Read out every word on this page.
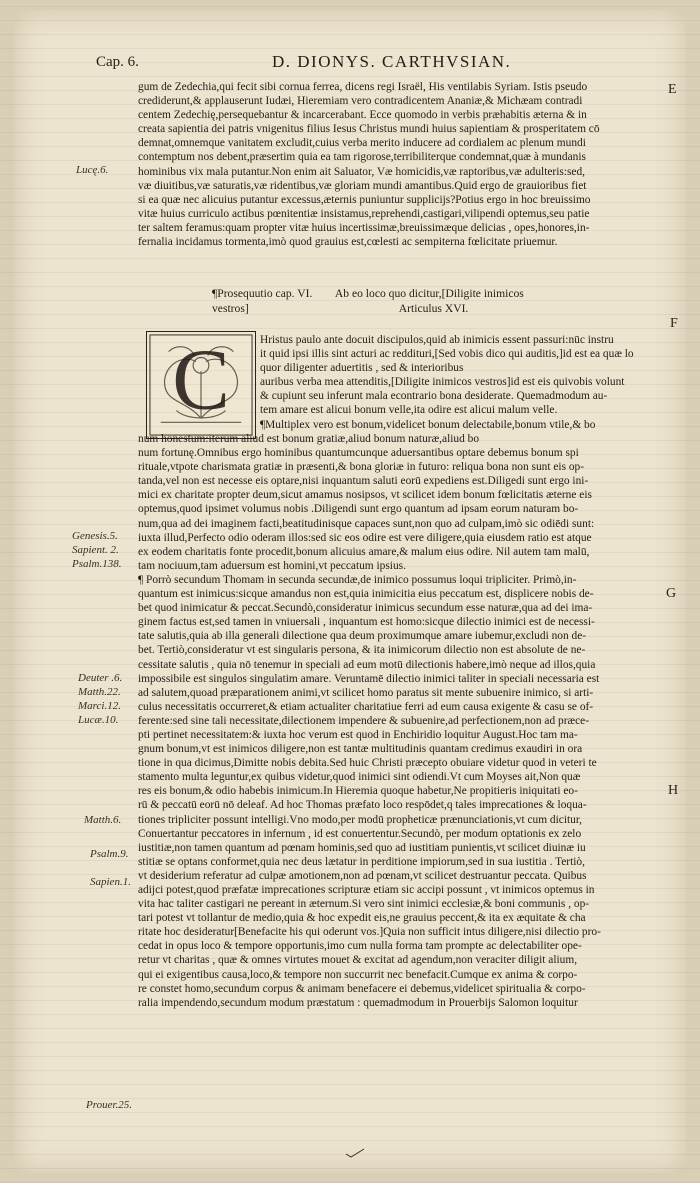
Cap. 6.	D. DIONYS. CARTHVSIAN.
E
F
G
H
gum de Zedechia,qui fecit sibi cornua ferrea, dicens regi Israël, His ventilabis Syriam. Istis pseudo
crediderunt,& applauserunt Iudæi, Hieremiam vero contradicentem Ananiæ,& Michæam contradi
centem Zedechię,persequebantur & incarcerabant. Ecce quomodo in verbis præhabitis æterna & in
creata sapientia dei patris vnigenitus filius Iesus Christus mundi huius sapientiam & prosperitatem cō
demnat,omnemque vanitatem excludit,cuius verba merito inducere ad cordialem ac plenum mundi
contemptum nos debent,præsertim quia ea tam rigorose,terribiliterque condemnat,quæ à mundanis
hominibus vix mala putantur.Non enim ait Saluator, Væ homicidis,væ raptoribus,væ adulteris:sed,
væ diuitibus,væ saturatis,væ ridentibus,væ gloriam mundi amantibus.Quid ergo de grauioribus fiet
si ea quæ nec alicuius putantur excessus,æternis puniuntur supplicijs?Potius ergo in hoc breuissimo
vitæ huius curriculo actibus pœnitentiæ insistamus,reprehendi,castigari,vilipendi optemus,seu patie
ter saltem feramus:quam propter vitæ huius incertissimæ,breuissimæque delicias , opes,honores,in-
fernalia incidamus tormenta,imò quod grauius est,cœlesti ac sempiterna fœlicitate priuemur.
Lucę.6.
¶Prosequutio cap. VI.        Ab eo loco quo dicitur,[Diligite inimicos
vestros]                                                    Articulus XVI.
C	Hristus paulo ante docuit discipulos,quid ab inimicis essent passuri:nūc instru
it quid ipsi illis sint acturi ac reddituri,[Sed vobis dico qui auditis,]id est ea quæ lo
quor diligenter aduertitis , sed & interioribus
auribus verba mea attenditis,[Diligite inimicos vestros]id est eis quivobis volunt
& cupiunt seu inferunt mala econtrario bona desiderate. Quemadmodum au-
tem amare est alicui bonum velle,ita odire est alicui malum velle.
¶Multiplex vero est bonum,videlicet bonum delectabile,bonum vtile,& bo
num honestum:iterum aliud est bonum gratiæ,aliud bonum naturæ,aliud bo
num fortunę.Omnibus ergo hominibus quantumcunque aduersantibus optare debemus bonum spi
rituale,vtpote charismata gratiæ in præsenti,& bona gloriæ in futuro: reliqua bona non sunt eis op-
tanda,vel non est necesse eis optare,nisi inquantum saluti eorū expediens est.Diligedi sunt ergo ini-
mici ex charitate propter deum,sicut amamus nosipsos, vt scilicet idem bonum fœlicitatis æterne eis
optemus,quod ipsimet volumus nobis .Diligendi sunt ergo quantum ad ipsam eorum naturam bo-
num,qua ad dei imaginem facti,beatitudinisque capaces sunt,non quo ad culpam,imò sic odiēdi sunt:
iuxta illud,Perfecto odio oderam illos:sed sic eos odire est vere diligere,quia eiusdem ratio est atque
ex eodem charitatis fonte procedit,bonum alicuius amare,& malum eius odire. Nil autem tam malū,
tam nociuum,tam aduersum est homini,vt peccatum ipsius.
¶ Porrò secundum Thomam in secunda secundæ,de inimico possumus loqui tripliciter. Primò,in-
quantum est inimicus:sicque amandus non est,quia inimicitia eius peccatum est, displicere nobis de-
bet quod inimicatur & peccat.Secundò,consideratur inimicus secundum esse naturæ,qua ad dei ima-
ginem factus est,sed tamen in vniuersali , inquantum est homo:sicque dilectio inimici est de necessi-
tate salutis,quia ab illa generali dilectione qua deum proximumque amare iubemur,excludi non de-
bet. Tertiò,consideratur vt est singularis persona, & ita inimicorum dilectio non est absolute de ne-
cessitate salutis , quia nō tenemur in speciali ad eum motū dilectionis habere,imò neque ad illos,quia
impossibile est singulos singulatim amare. Veruntamē dilectio inimici taliter in speciali necessaria est
ad salutem,quoad præparationem animi,vt scilicet homo paratus sit mente subuenire inimico, si arti-
culus necessitatis occurreret,& etiam actualiter charitatiue ferri ad eum causa exigente & casu se of-
ferente:sed sine tali necessitate,dilectionem impendere & subuenire,ad perfectionem,non ad præce-
pti pertinet necessitatem:& iuxta hoc verum est quod in Enchiridio loquitur August.Hoc tam ma-
gnum bonum,vt est inimicos diligere,non est tantæ multitudinis quantam credimus exaudiri in ora
tione in qua dicimus,Dimitte nobis debita.Sed huic Christi præcepto obuiare videtur quod in veteri te
stamento multa leguntur,ex quibus videtur,quod inimici sint odiendi.Vt cum Moyses ait,Non quæ
res eis bonum,& odio habebis inimicum.In Hieremia quoque habetur,Ne propitieris iniquitati eo-
rū & peccatū eorū nō deleaf. Ad hoc Thomas præfato loco respōdet,q tales imprecationes & loqua-
tiones tripliciter possunt intelligi.Vno modo,per modū propheticæ prænunciationis,vt cum dicitur,
Conuertantur peccatores in infernum , id est conuertentur.Secundò, per modum optationis ex zelo
iustitiæ,non tamen quantum ad pœnam hominis,sed quo ad iustitiam punientis,vt scilicet diuinæ iu
stitiæ se optans conformet,quia nec deus lætatur in perditione impiorum,sed in sua iustitia . Tertiò,
vt desiderium referatur ad culpæ amotionem,non ad pœnam,vt scilicet destruantur peccata. Quibus
adijci potest,quod præfatæ imprecationes scripturæ etiam sic accipi possunt , vt inimicos optemus in
vita hac taliter castigari ne pereant in æternum.Si vero sint inimici ecclesiæ,& boni communis , op-
tari potest vt tollantur de medio,quia & hoc expedit eis,ne grauius peccent,& ita ex æquitate & cha
ritate hoc desideratur[Benefacite his qui oderunt vos.]Quia non sufficit intus diligere,nisi dilectio pro-
cedat in opus loco & tempore opportunis,imo cum nulla forma tam prompte ac delectabiliter ope-
retur vt charitas , quæ & omnes virtutes mouet & excitat ad agendum,non veraciter diligit alium,
qui ei exigentibus causa,loco,& tempore non succurrit nec benefacit.Cumque ex anima & corpo-
re constet homo,secundum corpus & animam benefacere ei debemus,videlicet spiritualia & corpo-
ralia impendendo,secundum modum præstatum : quemadmodum in Prouerbijs Salomon loquitur
Genesis.5.
Sapient. 2.
Psalm.138.
Deuter .6.
Matth.22.
Marci.12.
Lucæ.10.
Matth.6.
Psalm.9.
Sapien.1.
Prouer.25.
